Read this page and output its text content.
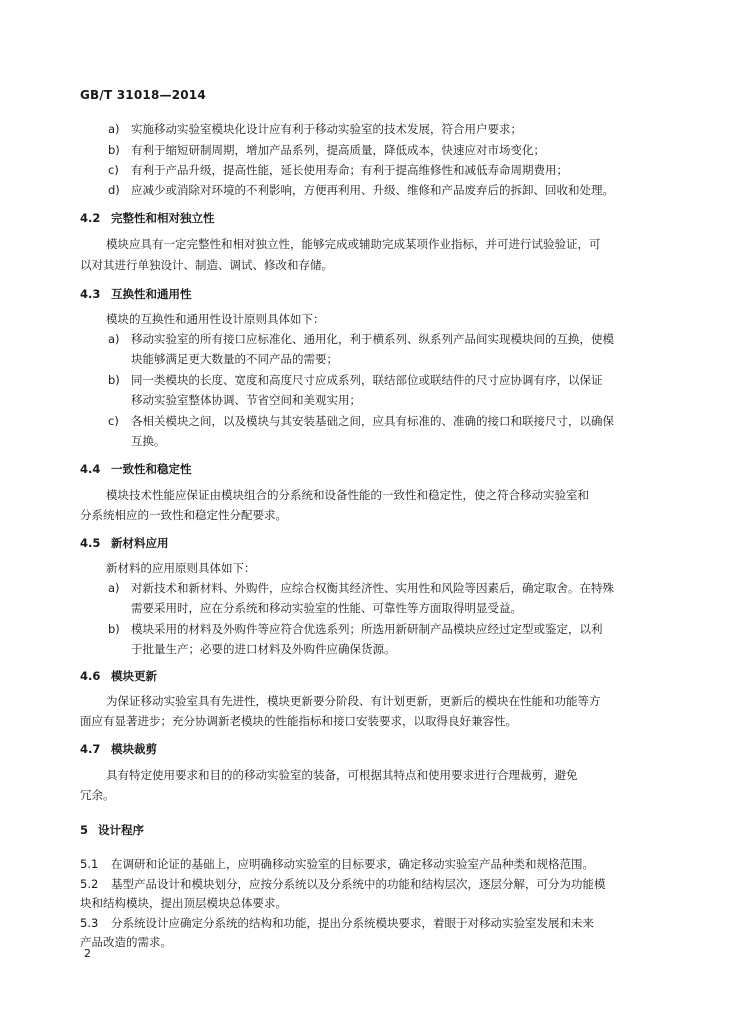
GB/T 31018—2014
a) 实施移动实验室模块化设计应有利于移动实验室的技术发展，符合用户要求；
b) 有利于缩短研制周期，增加产品系列，提高质量，降低成本，快速应对市场变化；
c) 有利于产品升级，提高性能，延长使用寿命；有利于提高维修性和减低寿命周期费用；
d) 应减少或消除对环境的不利影响，方便再利用、升级、维修和产品废弃后的拆卸、回收和处理。
4.2 完整性和相对独立性
模块应具有一定完整性和相对独立性，能够完成或辅助完成某项作业指标，并可进行试验验证，可
以对其进行单独设计、制造、调试、修改和存储。
4.3 互换性和通用性
模块的互换性和通用性设计原则具体如下：
a) 移动实验室的所有接口应标准化、通用化，利于横系列、纵系列产品间实现模块间的互换，使模
块能够满足更大数量的不同产品的需要；
b) 同一类模块的长度、宽度和高度尺寸应成系列，联结部位或联结件的尺寸应协调有序，以保证
移动实验室整体协调、节省空间和美观实用；
c) 各相关模块之间，以及模块与其安装基础之间，应具有标准的、准确的接口和联接尺寸，以确保
互换。
4.4 一致性和稳定性
模块技术性能应保证由模块组合的分系统和设备性能的一致性和稳定性，使之符合移动实验室和
分系统相应的一致性和稳定性分配要求。
4.5 新材料应用
新材料的应用原则具体如下：
a) 对新技术和新材料、外购件，应综合权衡其经济性、实用性和风险等因素后，确定取舍。在特殊
需要采用时，应在分系统和移动实验室的性能、可靠性等方面取得明显受益。
b) 模块采用的材料及外购件等应符合优选系列；所选用新研制产品模块应经过定型或鉴定，以利
于批量生产；必要的进口材料及外购件应确保货源。
4.6 模块更新
为保证移动实验室具有先进性，模块更新要分阶段、有计划更新，更新后的模块在性能和功能等方
面应有显著进步；充分协调新老模块的性能指标和接口安装要求，以取得良好兼容性。
4.7 模块裁剪
具有特定使用要求和目的的移动实验室的装备，可根据其特点和使用要求进行合理裁剪，避免
冗余。
5 设计程序
5.1 在调研和论证的基础上，应明确移动实验室的目标要求，确定移动实验室产品种类和规格范围。
5.2 基型产品设计和模块划分，应按分系统以及分系统中的功能和结构层次，逐层分解，可分为功能模
块和结构模块，提出顶层模块总体要求。
5.3 分系统设计应确定分系统的结构和功能，提出分系统模块要求，着眼于对移动实验室发展和未来
产品改造的需求。
2
